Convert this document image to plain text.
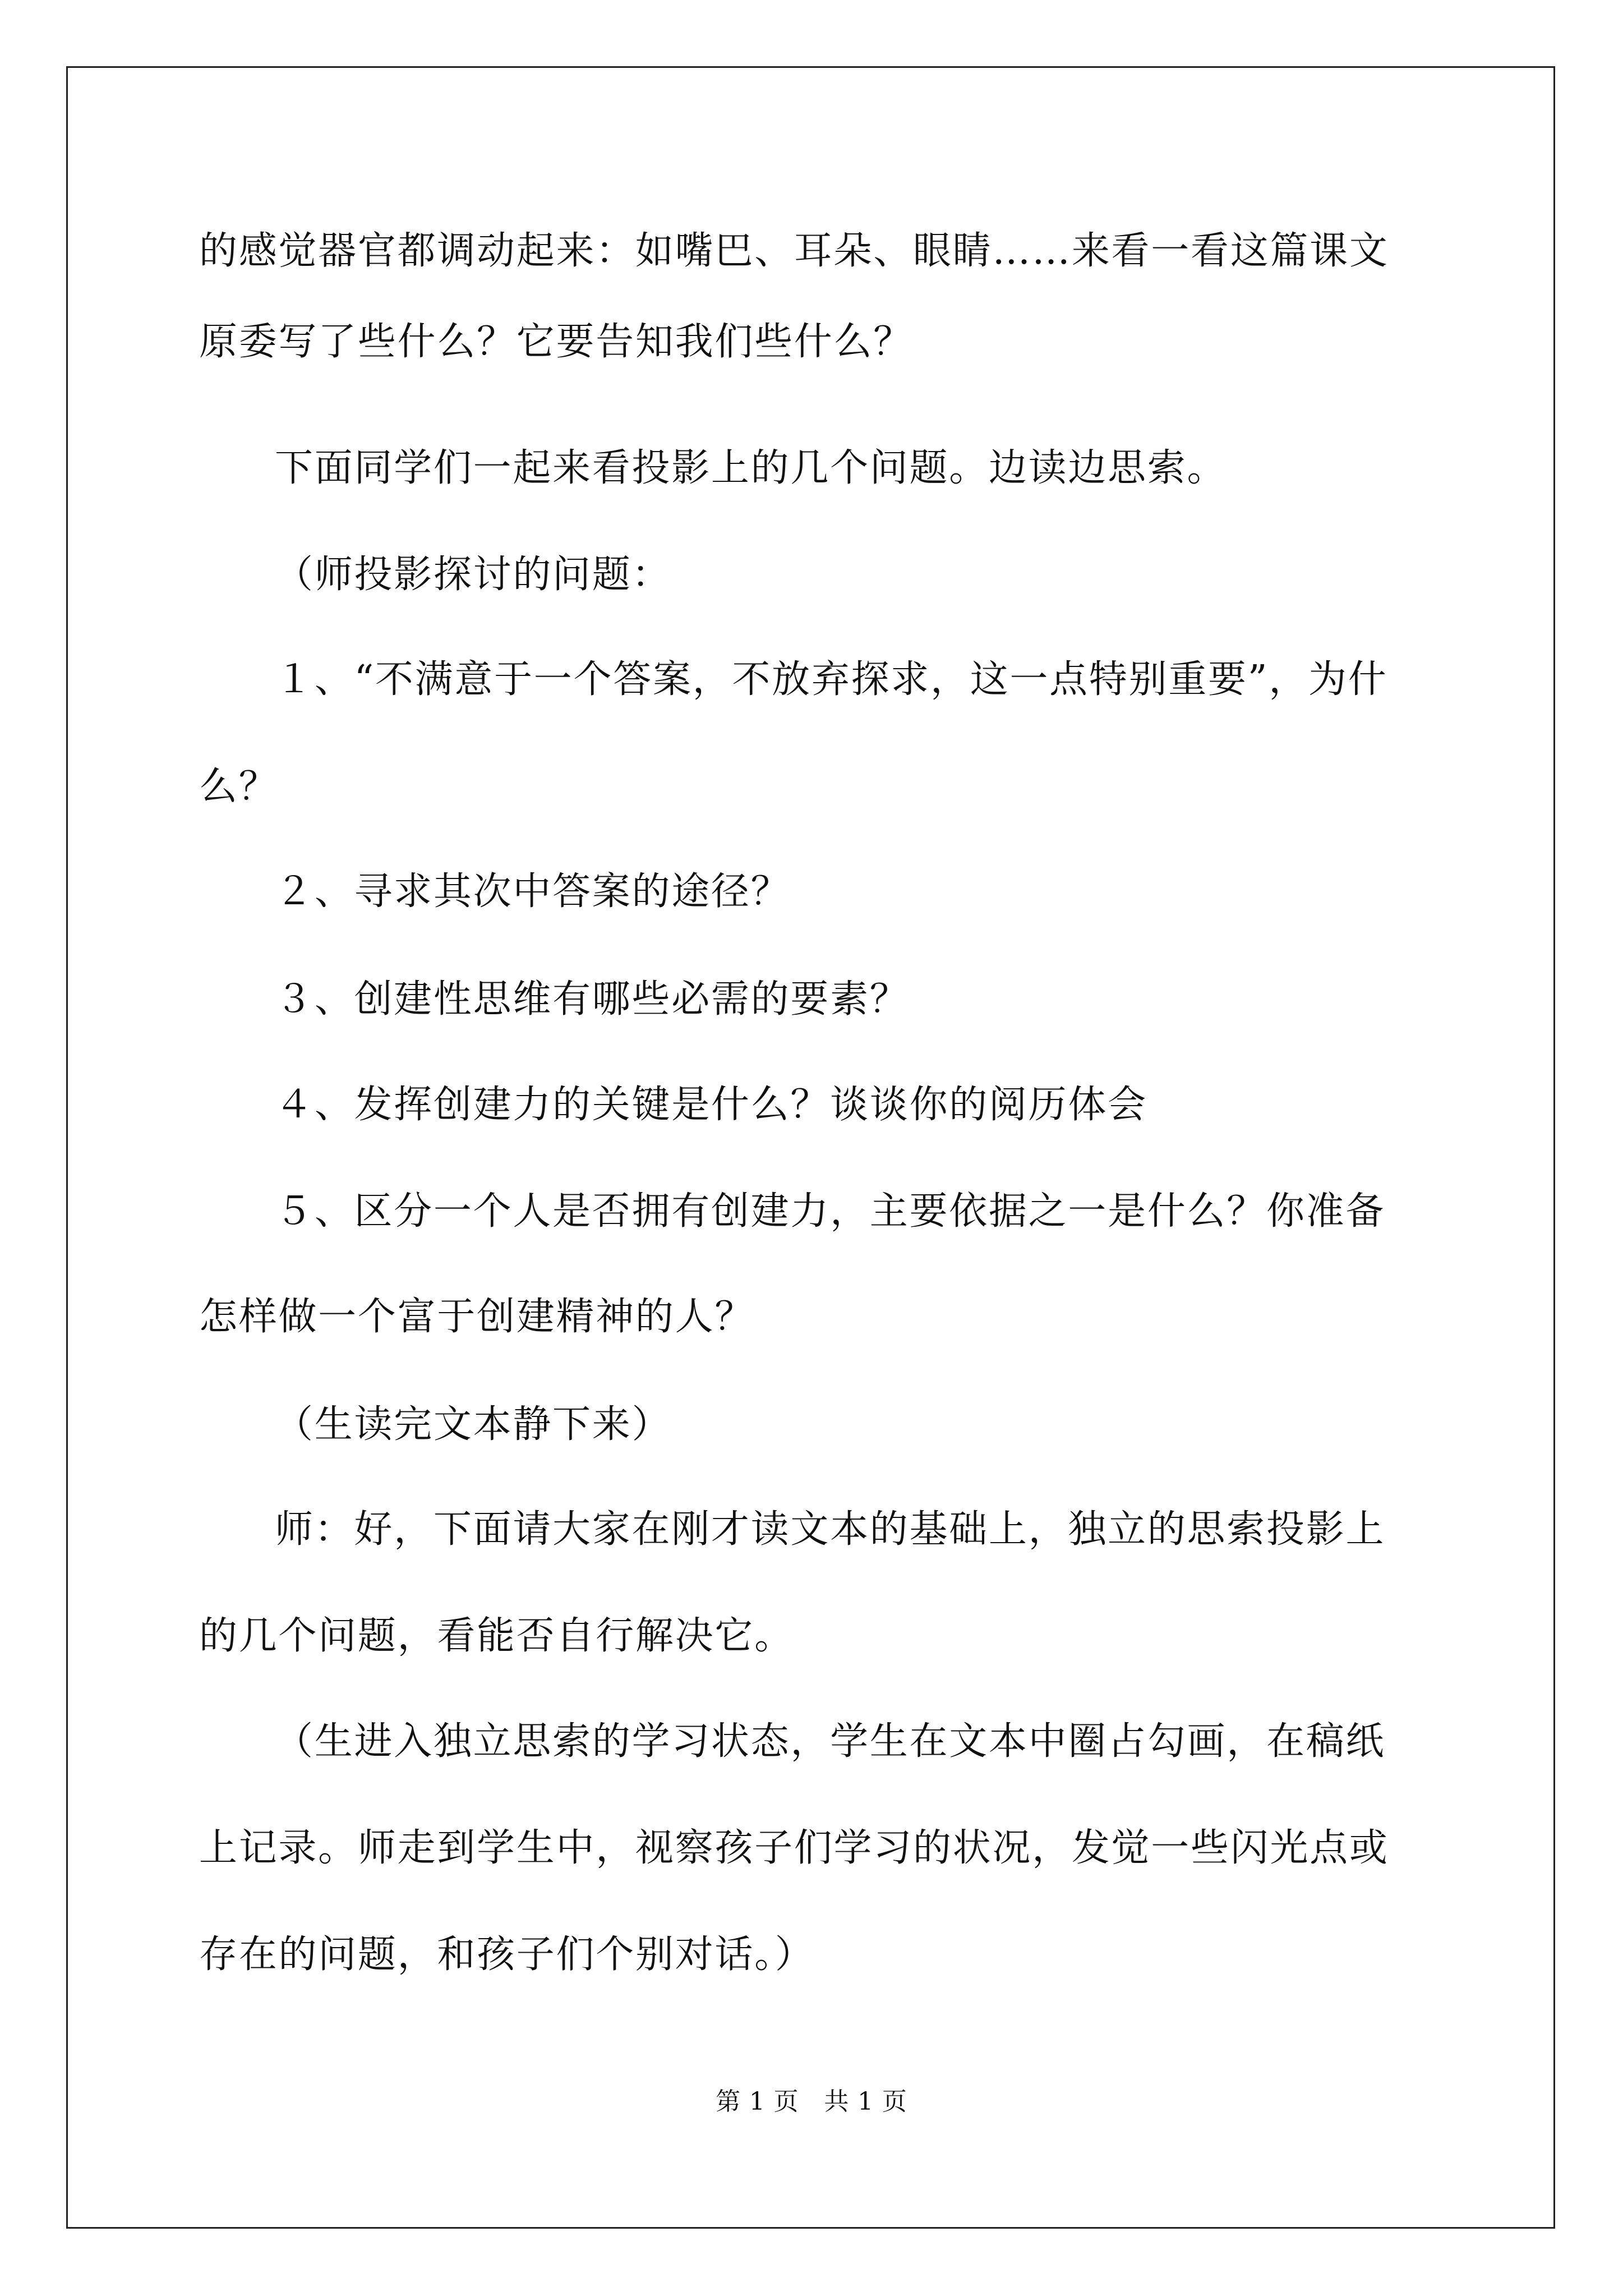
的感觉器官都调动起来：如嘴巴、耳朵、眼睛……来看一看这篇课文
原委写了些什么？它要告知我们些什么？
下面同学们一起来看投影上的几个问题。边读边思索。
（师投影探讨的问题：
１、“不满意于一个答案，不放弃探求，这一点特别重要”，为什
么？
２、寻求其次中答案的途径？
３、创建性思维有哪些必需的要素？
４、发挥创建力的关键是什么？谈谈你的阅历体会
５、区分一个人是否拥有创建力，主要依据之一是什么？你准备
怎样做一个富于创建精神的人？
（生读完文本静下来）
师：好，下面请大家在刚才读文本的基础上，独立的思索投影上
的几个问题，看能否自行解决它。
（生进入独立思索的学习状态，学生在文本中圈占勾画，在稿纸
上记录。师走到学生中，视察孩子们学习的状况，发觉一些闪光点或
存在的问题，和孩子们个别对话。）
第 1 页　共 1 页
